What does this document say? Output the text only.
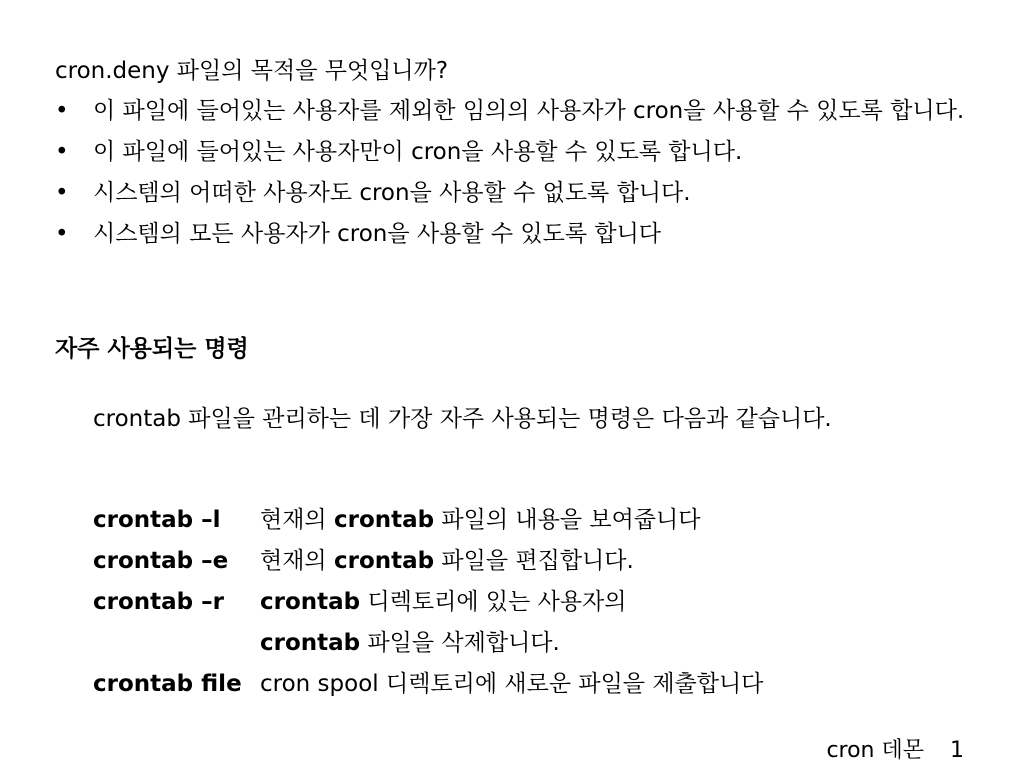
cron.deny 파일의 목적을 무엇입니까?
• 이 파일에 들어있는 사용자를 제외한 임의의 사용자가 cron을 사용할 수 있도록 합니다.
• 이 파일에 들어있는 사용자만이 cron을 사용할 수 있도록 합니다.
• 시스템의 어떠한 사용자도 cron을 사용할 수 없도록 합니다.
• 시스템의 모든 사용자가 cron을 사용할 수 있도록 합니다
자주 사용되는 명령
crontab 파일을 관리하는 데 가장 자주 사용되는 명령은 다음과 같습니다.
crontab –l	현재의 crontab 파일의 내용을 보여줍니다
crontab –e	현재의 crontab 파일을 편집합니다.
crontab –r	crontab 디렉토리에 있는 사용자의
	crontab 파일을 삭제합니다.
crontab file	cron spool 디렉토리에 새로운 파일을 제출합니다
cron 데몬 1
